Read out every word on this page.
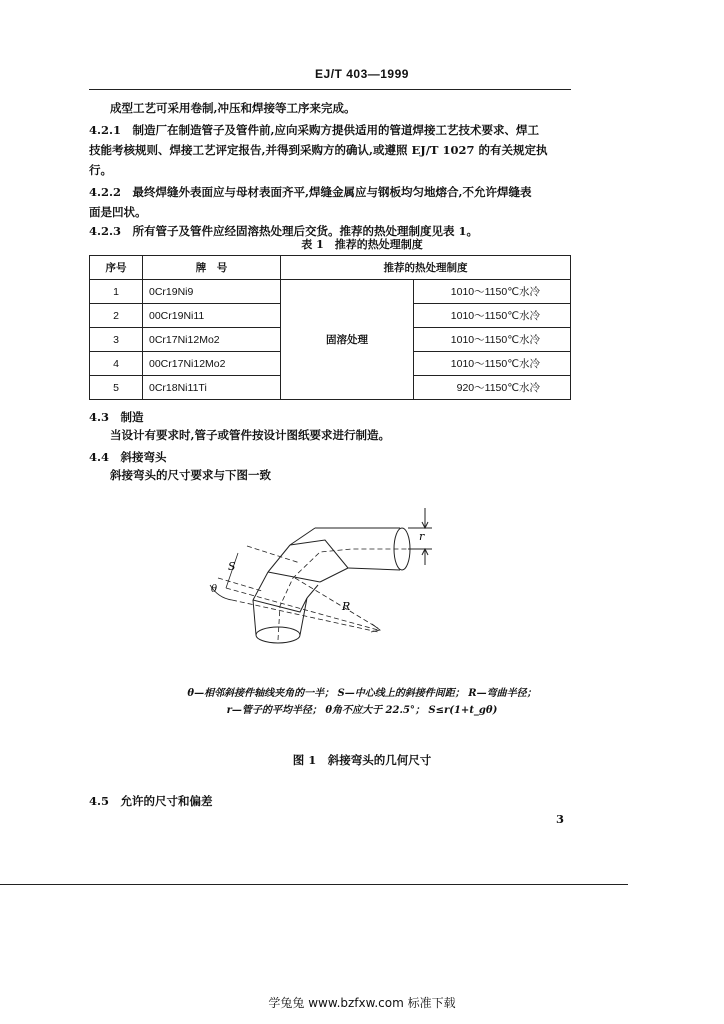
EJ/T 403—1999
成型工艺可采用卷制,冲压和焊接等工序来完成。
4.2.1　 制造厂在制造管子及管件前,应向采购方提供适用的管道焊接工艺技术要求、焊工
技能考核规则、焊接工艺评定报告,并得到采购方的确认,或遵照 EJ/T 1027 的有关规定执
行。
4.2.2　 最终焊缝外表面应与母材表面齐平,焊缝金属应与钢板均匀地熔合,不允许焊缝表
面是凹状。
4.2.3　 所有管子及管件应经固溶热处理后交货。推荐的热处理制度见表 1。
表 1　推荐的热处理制度
序号	牌　号	推荐的热处理制度	
1	0Cr19Ni9	固溶处理	1010～1150℃水冷
2	00Cr19Ni11		1010～1150℃水冷
3	0Cr17Ni12Mo2		1010～1150℃水冷
4	00Cr17Ni12Mo2		1010～1150℃水冷
5	0Cr18Ni11Ti		920～1150℃水冷
4.3　 制造
当设计有要求时,管子或管件按设计图纸要求进行制造。
4.4　 斜接弯头
斜接弯头的尺寸要求与下图一致
S
θ
r
R
θ—相邻斜接件轴线夹角的一半； S—中心线上的斜接件间距； R—弯曲半径；
r—管子的平均半径； θ角不应大于 22.5°； S≤r(1+t_gθ)
图 1　斜接弯头的几何尺寸
4.5　 允许的尺寸和偏差
3
学兔兔 www.bzfxw.com 标准下载
